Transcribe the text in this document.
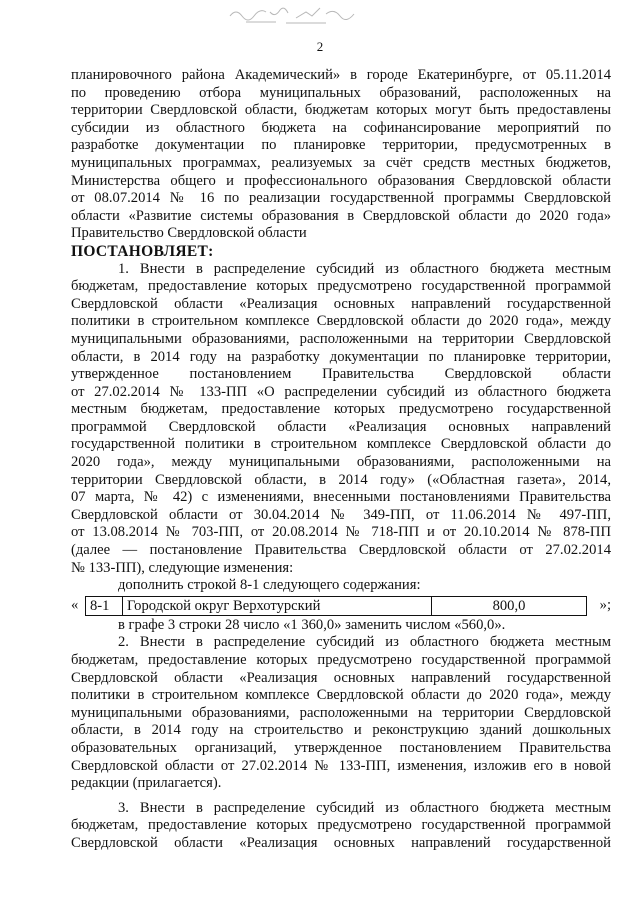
2

планировочного района Академический» в городе Екатеринбурге, от 05.11.2014

по проведению отбора муниципальных образований, расположенных на

территории Свердловской области, бюджетам которых могут быть предоставлены

субсидии из областного бюджета на софинансирование мероприятий по

разработке документации по планировке территории, предусмотренных в

муниципальных программах, реализуемых за счёт средств местных бюджетов,

Министерства общего и профессионального образования Свердловской области

от 08.07.2014 № 16 по реализации государственной программы Свердловской

области «Развитие системы образования в Свердловской области до 2020 года»

Правительство Свердловской области

ПОСТАНОВЛЯЕТ:

1. Внести в распределение субсидий из областного бюджета местным

бюджетам, предоставление которых предусмотрено государственной программой

Свердловской области «Реализация основных направлений государственной

политики в строительном комплексе Свердловской области до 2020 года», между

муниципальными образованиями, расположенными на территории Свердловской

области, в 2014 году на разработку документации по планировке территории,

утвержденное постановлением Правительства Свердловской области

от 27.02.2014 № 133-ПП «О распределении субсидий из областного бюджета

местным бюджетам, предоставление которых предусмотрено государственной

программой Свердловской области «Реализация основных направлений

государственной политики в строительном комплексе Свердловской области до

2020 года», между муниципальными образованиями, расположенными на

территории Свердловской области, в 2014 году» («Областная газета», 2014,

07 марта, № 42) с изменениями, внесенными постановлениями Правительства

Свердловской области от 30.04.2014 № 349-ПП, от 11.06.2014 № 497-ПП,

от 13.08.2014 № 703-ПП, от 20.08.2014 № 718-ПП и от 20.10.2014 № 878-ПП

(далее — постановление Правительства Свердловской области от 27.02.2014

№ 133-ПП), следующие изменения:

дополнить строкой 8-1 следующего содержания:

« 8-1	Городской округ Верхотурский	800,0	»;

в графе 3 строки 28 число «1 360,0» заменить числом «560,0».

2. Внести в распределение субсидий из областного бюджета местным

бюджетам, предоставление которых предусмотрено государственной программой

Свердловской области «Реализация основных направлений государственной

политики в строительном комплексе Свердловской области до 2020 года», между

муниципальными образованиями, расположенными на территории Свердловской

области, в 2014 году на строительство и реконструкцию зданий дошкольных

образовательных организаций, утвержденное постановлением Правительства

Свердловской области от 27.02.2014 № 133-ПП, изменения, изложив его в новой

редакции (прилагается).

3. Внести в распределение субсидий из областного бюджета местным

бюджетам, предоставление которых предусмотрено государственной программой

Свердловской области «Реализация основных направлений государственной
